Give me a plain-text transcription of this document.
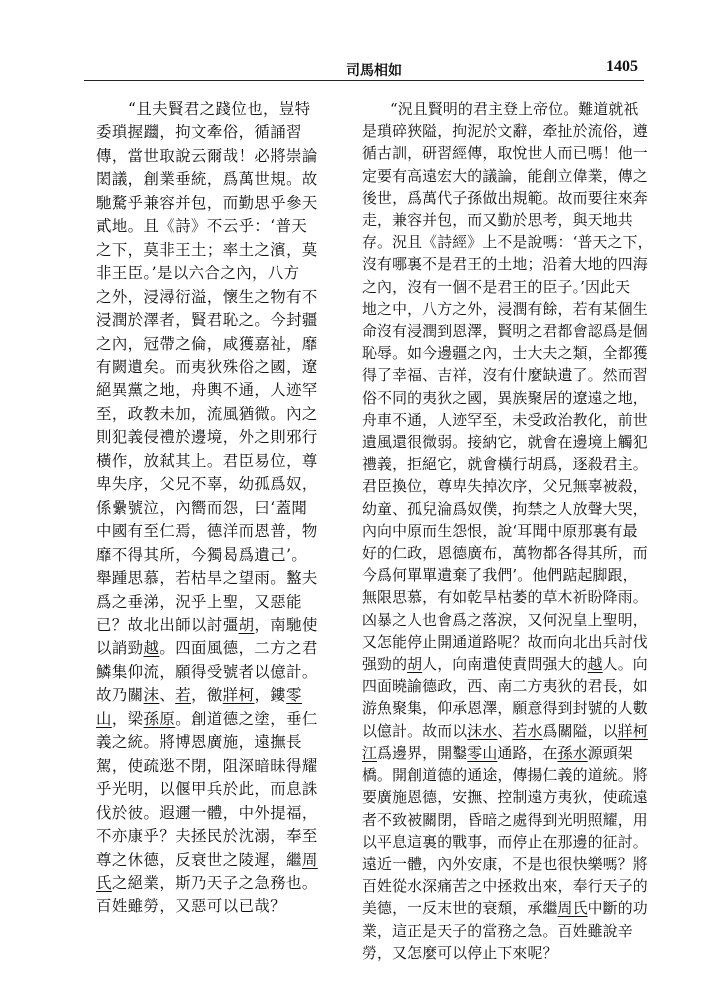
司馬相如	1405
“且夫賢君之踐位也，豈特
委瑣握躖，拘文牽俗，循誦習
傳，當世取說云爾哉！必將崇論
閎議，創業垂統，爲萬世規。故
馳騖乎兼容并包，而勤思乎參天
貳地。且《詩》不云乎：‘普天
之下，莫非王土；率土之濱，莫
非王臣。’是以六合之內，八方
之外，浸潯衍溢，懷生之物有不
浸潤於澤者，賢君恥之。今封疆
之內，冠帶之倫，咸獲嘉祉，靡
有闕遺矣。而夷狄殊俗之國，遼
絕異黨之地，舟輿不通，人迹罕
至，政教未加，流風猶微。內之
則犯義侵禮於邊境，外之則邪行
橫作，放弒其上。君臣易位，尊
卑失序，父兄不辜，幼孤爲奴，
係纍號泣，內嚮而怨，曰‘蓋聞
中國有至仁焉，德洋而恩普，物
靡不得其所，今獨曷爲遺己’。
舉踵思慕，若枯旱之望雨。盭夫
爲之垂涕，況乎上聖，又惡能
已？故北出師以討彊胡，南馳使
以誚勁越。四面風德，二方之君
鱗集仰流，願得受號者以億計。
故乃關沫、若，徼牂柯，鏤零
山，梁孫原。創道德之塗，垂仁
義之統。將博恩廣施，遠撫長
駕，使疏逖不閉，阻深暗昧得耀
乎光明，以偃甲兵於此，而息誅
伐於彼。遐邇一體，中外提福，
不亦康乎？夫拯民於沈溺，奉至
尊之休德，反衰世之陵遲，繼周
氏之絕業，斯乃天子之急務也。
百姓雖勞，又惡可以已哉？
“況且賢明的君主登上帝位。難道就祇
是瑣碎狹隘，拘泥於文辭，牽扯於流俗，遵
循古訓，研習經傳，取悅世人而已嗎！他一
定要有高遠宏大的議論，能創立偉業，傳之
後世，爲萬代子孫做出規範。故而要往來奔
走，兼容并包，而又勤於思考，與天地共
存。況且《詩經》上不是說嗎：‘普天之下，
沒有哪裏不是君王的土地；沿着大地的四海
之內，沒有一個不是君王的臣子。’因此天
地之中，八方之外，浸潤有餘，若有某個生
命沒有浸潤到恩澤，賢明之君都會認爲是個
恥辱。如今邊疆之內，士大夫之類，全都獲
得了幸福、吉祥，沒有什麼缺遺了。然而習
俗不同的夷狄之國，異族聚居的遼遠之地，
舟車不通，人迹罕至，未受政治教化，前世
遺風還很微弱。接納它，就會在邊境上觸犯
禮義，拒絕它，就會橫行胡爲，逐殺君主。
君臣換位，尊卑失掉次序，父兄無辜被殺，
幼童、孤兒淪爲奴僕，拘禁之人放聲大哭，
內向中原而生怨恨，說‘耳聞中原那裏有最
好的仁政，恩德廣布，萬物都各得其所，而
今爲何單單遺棄了我們’。他們踮起脚跟，
無限思慕，有如乾旱枯萎的草木祈盼降雨。
凶暴之人也會爲之落淚，又何況皇上聖明，
又怎能停止開通道路呢？故而向北出兵討伐
强勁的胡人，向南遣使責問强大的越人。向
四面曉諭德政，西、南二方夷狄的君長，如
游魚聚集，仰承恩澤，願意得到封號的人數
以億計。故而以沫水、若水爲關隘，以牂柯
江爲邊界，開鑿零山通路，在孫水源頭架
橋。開創道德的通途，傳揚仁義的道統。將
要廣施恩德，安撫、控制遠方夷狄，使疏遠
者不致被關閉，昏暗之處得到光明照耀，用
以平息這裏的戰事，而停止在那邊的征討。
遠近一體，內外安康，不是也很快樂嗎？將
百姓從水深痛苦之中拯救出來，奉行天子的
美德，一反末世的衰頹，承繼周氏中斷的功
業，這正是天子的當務之急。百姓雖說辛
勞，又怎麼可以停止下來呢？
